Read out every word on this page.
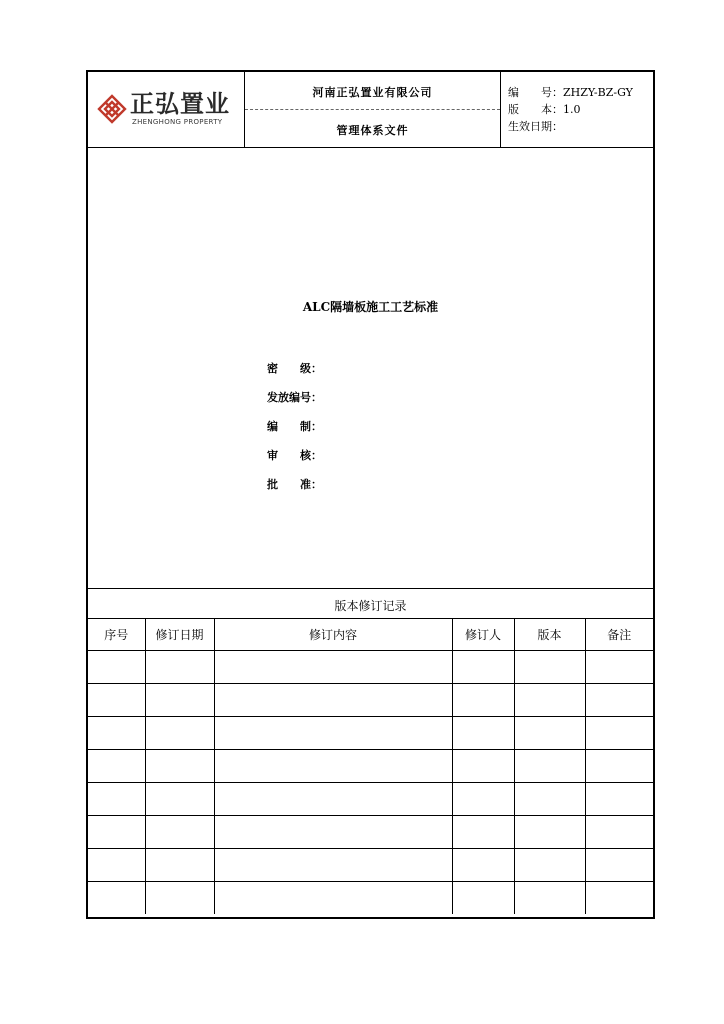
正弘置业
ZHENGHONG PROPERTY
河南正弘置业有限公司
管理体系文件
编　　号：ZHZY-BZ-GY
版　　本：1.0
生效日期：
ALC隔墙板施工工艺标准
密　　级：
发放编号：
编　　制：
审　　核：
批　　准：
版本修订记录
序号	修订日期	修订内容	修订人	版本	备注
